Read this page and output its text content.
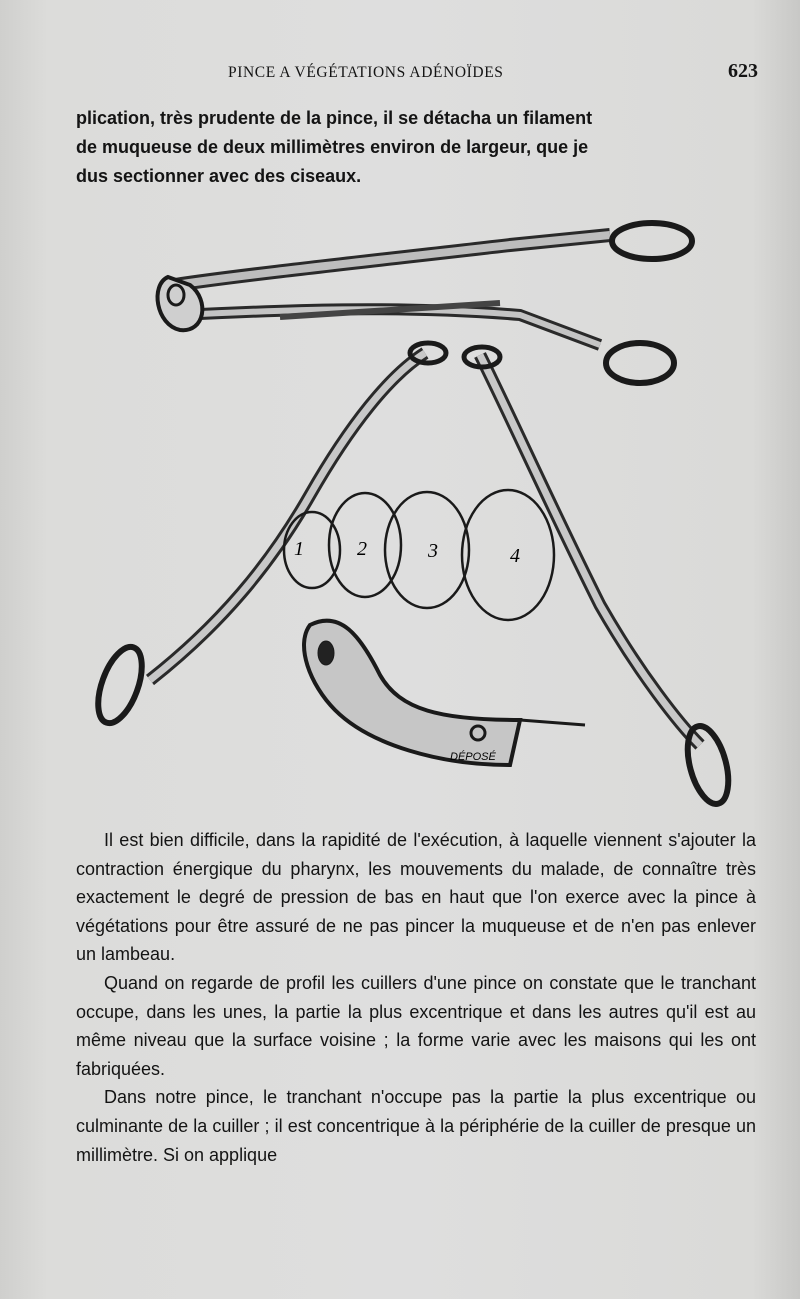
PINCE A VÉGÉTATIONS ADÉNOÏDES	623

plication, très prudente de la pince, il se détacha un filament

de muqueuse de deux millimètres environ de largeur, que je

dus sectionner avec des ciseaux.

1	2	3	4
DÉPOSÉ

Il est bien difficile, dans la rapidité de l'exécution, à laquelle viennent s'ajouter la contraction énergique du pharynx, les mouvements du malade, de connaître très exactement le degré de pression de bas en haut que l'on exerce avec la pince à végétations pour être assuré de ne pas pincer la muqueuse et de n'en pas enlever un lambeau.

Quand on regarde de profil les cuillers d'une pince on constate que le tranchant occupe, dans les unes, la partie la plus excentrique et dans les autres qu'il est au même niveau que la surface voisine ; la forme varie avec les maisons qui les ont fabriquées.

Dans notre pince, le tranchant n'occupe pas la partie la plus excentrique ou culminante de la cuiller ; il est concentrique à la périphérie de la cuiller de presque un millimètre. Si on applique
